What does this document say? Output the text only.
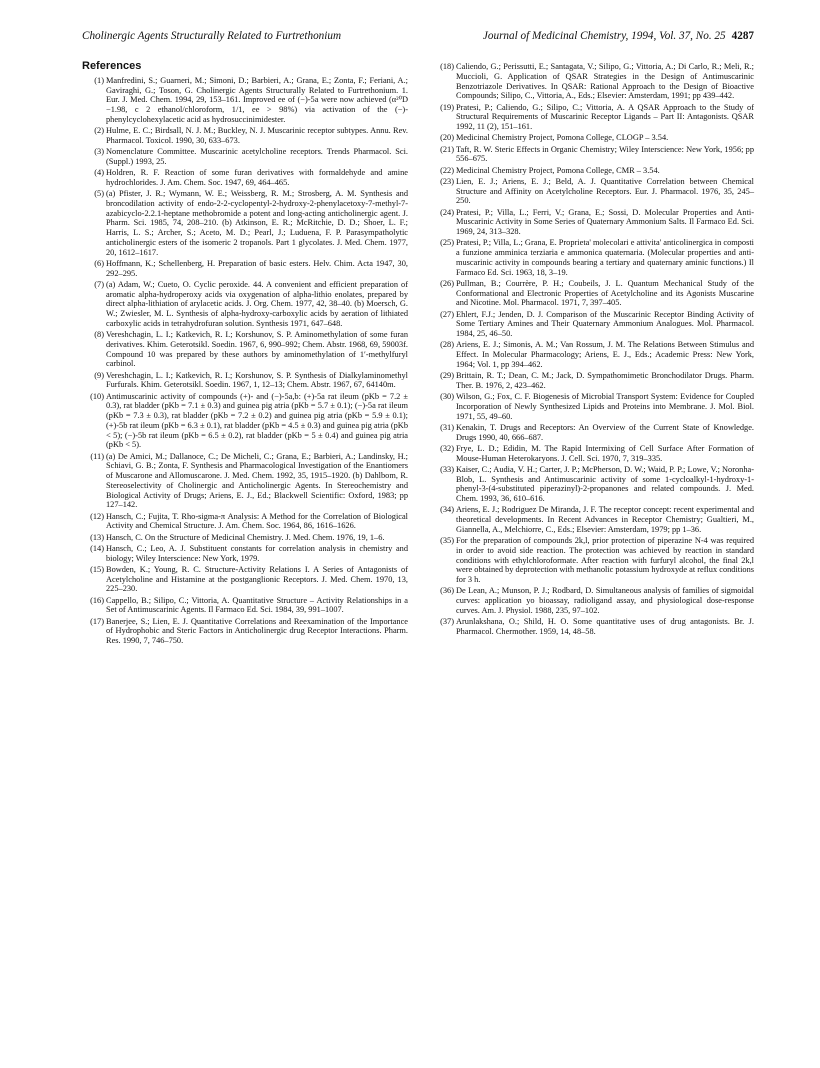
Cholinergic Agents Structurally Related to Furtrethonium	Journal of Medicinal Chemistry, 1994, Vol. 37, No. 25 4287
References
(1) Manfredini, S.; Guarneri, M.; Simoni, D.; Barbieri, A.; Grana, E.; Zonta, F.; Feriani, A.; Gaviraghi, G.; Toson, G. Cholinergic Agents Structurally Related to Furtrethonium. 1. Eur. J. Med. Chem. 1994, 29, 153–161. Improved ee of (−)-5a were now achieved (α²⁰D −1.98, c 2 ethanol/chloroform, 1/1, ee > 98%) via activation of the (−)-phenylcyclohexylacetic acid as hydrosuccinimidester.
(2) Hulme, E. C.; Birdsall, N. J. M.; Buckley, N. J. Muscarinic receptor subtypes. Annu. Rev. Pharmacol. Toxicol. 1990, 30, 633–673.
(3) Nomenclature Committee. Muscarinic acetylcholine receptors. Trends Pharmacol. Sci. (Suppl.) 1993, 25.
(4) Holdren, R. F. Reaction of some furan derivatives with formaldehyde and amine hydrochlorides. J. Am. Chem. Soc. 1947, 69, 464–465.
(5) (a) Pfister, J. R.; Wymann, W. E.; Weissberg, R. M.; Strosberg, A. M. Synthesis and broncodilation activity of endo-2-2-cyclopentyl-2-hydroxy-2-phenylacetoxy-7-methyl-7-azabicyclo-2.2.1-heptane methobromide a potent and long-acting anticholinergic agent. J. Pharm. Sci. 1985, 74, 208–210. (b) Atkinson, E. R.; McRitchie, D. D.; Shoer, L. F.; Harris, L. S.; Archer, S.; Aceto, M. D.; Pearl, J.; Luduena, F. P. Parasympatholytic anticholinergic esters of the isomeric 2 tropanols. Part 1 glycolates. J. Med. Chem. 1977, 20, 1612–1617.
(6) Hoffmann, K.; Schellenberg, H. Preparation of basic esters. Helv. Chim. Acta 1947, 30, 292–295.
(7) (a) Adam, W.; Cueto, O. Cyclic peroxide. 44. A convenient and efficient preparation of aromatic alpha-hydroperoxy acids via oxygenation of alpha-lithio enolates, prepared by direct alpha-lithiation of arylacetic acids. J. Org. Chem. 1977, 42, 38–40. (b) Moersch, G. W.; Zwiesler, M. L. Synthesis of alpha-hydroxy-carboxylic acids by aeration of lithiated carboxylic acids in tetrahydrofuran solution. Synthesis 1971, 647–648.
(8) Vereshchagin, L. I.; Katkevich, R. I.; Korshunov, S. P. Aminomethylation of some furan derivatives. Khim. Geterotsikl. Soedin. 1967, 6, 990–992; Chem. Abstr. 1968, 69, 59003f. Compound 10 was prepared by these authors by aminomethylation of 1′-methylfuryl carbinol.
(9) Vereshchagin, L. I.; Katkevich, R. I.; Korshunov, S. P. Synthesis of Dialkylaminomethyl Furfurals. Khim. Geterotsikl. Soedin. 1967, 1, 12–13; Chem. Abstr. 1967, 67, 64140m.
(10) Antimuscarinic activity of compounds (+)- and (−)-5a,b: (+)-5a rat ileum (pKb = 7.2 ± 0.3), rat bladder (pKb = 7.1 ± 0.3) and guinea pig atria (pKb = 5.7 ± 0.1); (−)-5a rat ileum (pKb = 7.3 ± 0.3), rat bladder (pKb = 7.2 ± 0.2) and guinea pig atria (pKb = 5.9 ± 0.1); (+)-5b rat ileum (pKb = 6.3 ± 0.1), rat bladder (pKb = 4.5 ± 0.3) and guinea pig atria (pKb < 5); (−)-5b rat ileum (pKb = 6.5 ± 0.2), rat bladder (pKb = 5 ± 0.4) and guinea pig atria (pKb < 5).
(11) (a) De Amici, M.; Dallanoce, C.; De Micheli, C.; Grana, E.; Barbieri, A.; Landinsky, H.; Schiavi, G. B.; Zonta, F. Synthesis and Pharmacological Investigation of the Enantiomers of Muscarone and Allomuscarone. J. Med. Chem. 1992, 35, 1915–1920. (b) Dahlbom, R. Stereoselectivity of Cholinergic and Anticholinergic Agents. In Stereochemistry and Biological Activity of Drugs; Ariens, E. J., Ed.; Blackwell Scientific: Oxford, 1983; pp 127–142.
(12) Hansch, C.; Fujita, T. Rho-sigma-π Analysis: A Method for the Correlation of Biological Activity and Chemical Structure. J. Am. Chem. Soc. 1964, 86, 1616–1626.
(13) Hansch, C. On the Structure of Medicinal Chemistry. J. Med. Chem. 1976, 19, 1–6.
(14) Hansch, C.; Leo, A. J. Substituent constants for correlation analysis in chemistry and biology; Wiley Interscience: New York, 1979.
(15) Bowden, K.; Young, R. C. Structure-Activity Relations I. A Series of Antagonists of Acetylcholine and Histamine at the postganglionic Receptors. J. Med. Chem. 1970, 13, 225–230.
(16) Cappello, B.; Silipo, C.; Vittoria, A. Quantitative Structure – Activity Relationships in a Set of Antimuscarinic Agents. Il Farmaco Ed. Sci. 1984, 39, 991–1007.
(17) Banerjee, S.; Lien, E. J. Quantitative Correlations and Reexamination of the Importance of Hydrophobic and Steric Factors in Anticholinergic drug Receptor Interactions. Pharm. Res. 1990, 7, 746–750.
(18) Caliendo, G.; Perissutti, E.; Santagata, V.; Silipo, G.; Vittoria, A.; Di Carlo, R.; Meli, R.; Muccioli, G. Application of QSAR Strategies in the Design of Antimuscarinic Benzotriazole Derivatives. In QSAR: Rational Approach to the Design of Bioactive Compounds; Silipo, C., Vittoria, A., Eds.; Elsevier: Amsterdam, 1991; pp 439–442.
(19) Pratesi, P.; Caliendo, G.; Silipo, C.; Vittoria, A. A QSAR Approach to the Study of Structural Requirements of Muscarinic Receptor Ligands – Part II: Antagonists. QSAR 1992, 11 (2), 151–161.
(20) Medicinal Chemistry Project, Pomona College, CLOGP – 3.54.
(21) Taft, R. W. Steric Effects in Organic Chemistry; Wiley Interscience: New York, 1956; pp 556–675.
(22) Medicinal Chemistry Project, Pomona College, CMR – 3.54.
(23) Lien, E. J.; Ariens, E. J.; Beld, A. J. Quantitative Correlation between Chemical Structure and Affinity on Acetylcholine Receptors. Eur. J. Pharmacol. 1976, 35, 245–250.
(24) Pratesi, P.; Villa, L.; Ferri, V.; Grana, E.; Sossi, D. Molecular Properties and Anti-Muscarinic Activity in Some Series of Quaternary Ammonium Salts. Il Farmaco Ed. Sci. 1969, 24, 313–328.
(25) Pratesi, P.; Villa, L.; Grana, E. Proprieta' molecolari e attivita' anticolinergica in composti a funzione amminica terziaria e ammonica quaternaria. (Molecular properties and anti-muscarinic activity in compounds bearing a tertiary and quaternary aminic functions.) Il Farmaco Ed. Sci. 1963, 18, 3–19.
(26) Pullman, B.; Courrère, P. H.; Coubeils, J. L. Quantum Mechanical Study of the Conformational and Electronic Properties of Acetylcholine and its Agonists Muscarine and Nicotine. Mol. Pharmacol. 1971, 7, 397–405.
(27) Ehlert, F.J.; Jenden, D. J. Comparison of the Muscarinic Receptor Binding Activity of Some Tertiary Amines and Their Quaternary Ammonium Analogues. Mol. Pharmacol. 1984, 25, 46–50.
(28) Ariens, E. J.; Simonis, A. M.; Van Rossum, J. M. The Relations Between Stimulus and Effect. In Molecular Pharmacology; Ariens, E. J., Eds.; Academic Press: New York, 1964; Vol. 1, pp 394–462.
(29) Brittain, R. T.; Dean, C. M.; Jack, D. Sympathomimetic Bronchodilator Drugs. Pharm. Ther. B. 1976, 2, 423–462.
(30) Wilson, G.; Fox, C. F. Biogenesis of Microbial Transport System: Evidence for Coupled Incorporation of Newly Synthesized Lipids and Proteins into Membrane. J. Mol. Biol. 1971, 55, 49–60.
(31) Kenakin, T. Drugs and Receptors: An Overview of the Current State of Knowledge. Drugs 1990, 40, 666–687.
(32) Frye, L. D.; Edidin, M. The Rapid Intermixing of Cell Surface After Formation of Mouse-Human Heterokaryons. J. Cell. Sci. 1970, 7, 319–335.
(33) Kaiser, C.; Audia, V. H.; Carter, J. P.; McPherson, D. W.; Waid, P. P.; Lowe, V.; Noronha-Blob, L. Synthesis and Antimuscarinic activity of some 1-cycloalkyl-1-hydroxy-1-phenyl-3-(4-substituted piperazinyl)-2-propanones and related compounds. J. Med. Chem. 1993, 36, 610–616.
(34) Ariens, E. J.; Rodriguez De Miranda, J. F. The receptor concept: recent experimental and theoretical developments. In Recent Advances in Receptor Chemistry; Gualtieri, M., Giannella, A., Melchiorre, C., Eds.; Elsevier: Amsterdam, 1979; pp 1–36.
(35) For the preparation of compounds 2k,l, prior protection of piperazine N-4 was required in order to avoid side reaction. The protection was achieved by reaction in standard conditions with ethylchloroformate. After reaction with furfuryl alcohol, the final 2k,l were obtained by deprotection with methanolic potassium hydroxyde at reflux conditions for 3 h.
(36) De Lean, A.; Munson, P. J.; Rodbard, D. Simultaneous analysis of families of sigmoidal curves: application yo bioassay, radioligand assay, and physiological dose-response curves. Am. J. Physiol. 1988, 235, 97–102.
(37) Arunlakshana, O.; Shild, H. O. Some quantitative uses of drug antagonists. Br. J. Pharmacol. Chermother. 1959, 14, 48–58.
